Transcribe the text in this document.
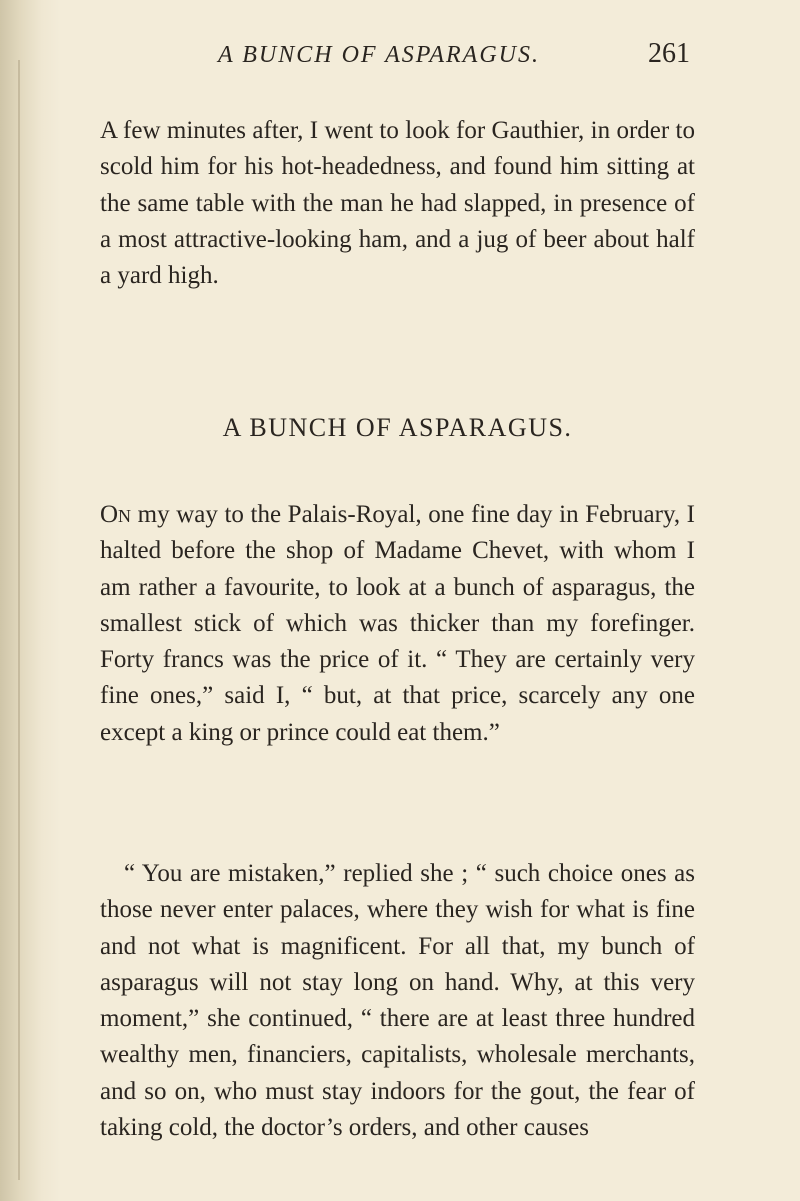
A BUNCH OF ASPARAGUS.	261

A few minutes after, I went to look for Gauthier, in order to scold him for his hot-headedness, and found him sitting at the same table with the man he had slapped, in presence of a most attractive-looking ham, and a jug of beer about half a yard high.

A BUNCH OF ASPARAGUS.

On my way to the Palais-Royal, one fine day in February, I halted before the shop of Madame Chevet, with whom I am rather a favourite, to look at a bunch of asparagus, the smallest stick of which was thicker than my forefinger. Forty francs was the price of it. “ They are certainly very fine ones,” said I, “ but, at that price, scarcely any one except a king or prince could eat them.”

“ You are mistaken,” replied she ; “ such choice ones as those never enter palaces, where they wish for what is fine and not what is magnificent. For all that, my bunch of asparagus will not stay long on hand. Why, at this very moment,” she continued, “ there are at least three hundred wealthy men, financiers, capitalists, wholesale merchants, and so on, who must stay indoors for the gout, the fear of taking cold, the doctor’s orders, and other causes
